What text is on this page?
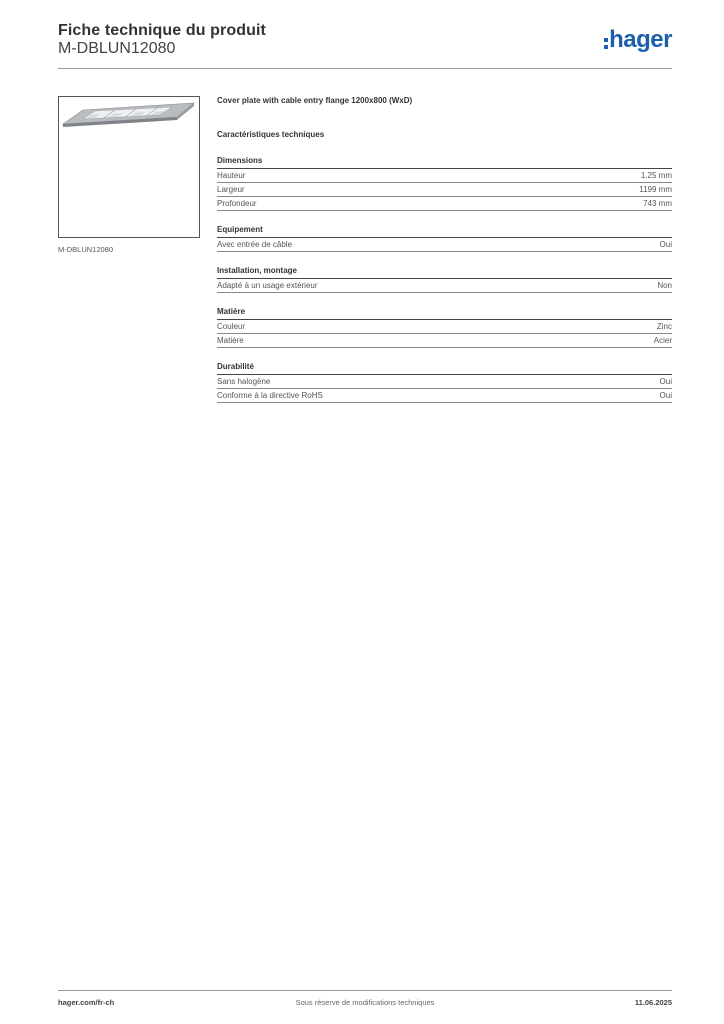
Fiche technique du produit
M-DBLUN12080	hager
M-DBLUN12080
Cover plate with cable entry flange 1200x800 (WxD)
Caractéristiques techniques
Dimensions
Hauteur	1.25 mm
Largeur	1199 mm
Profondeur	743 mm
Equipement
Avec entrée de câble	Oui
Installation, montage
Adapté à un usage extérieur	Non
Matière
Couleur	Zinc
Matière	Acier
Durabilité
Sans halogène	Oui
Conforme à la directive RoHS	Oui
hager.com/fr-ch	Sous réserve de modifications techniques	11.06.2025
